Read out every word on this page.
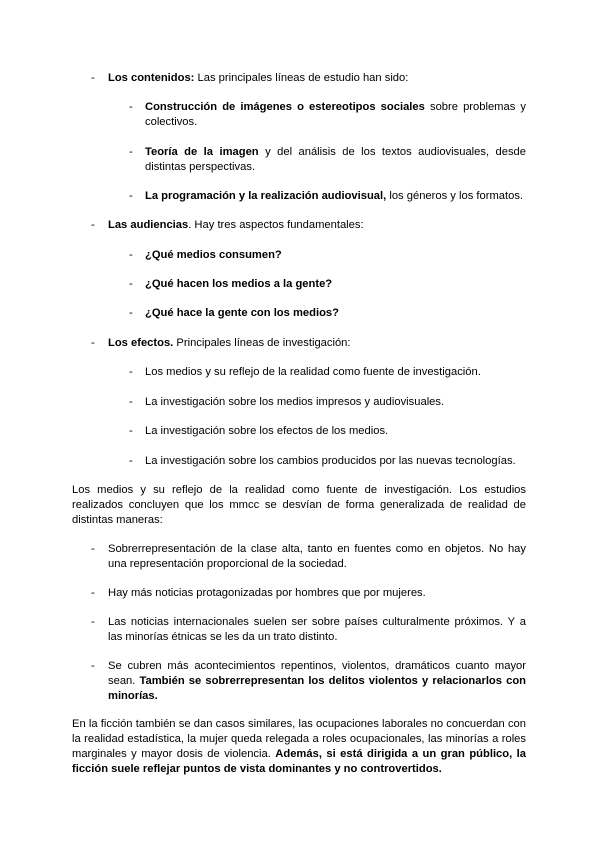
-	Los contenidos: Las principales líneas de estudio han sido:
-	Construcción de imágenes o estereotipos sociales sobre problemas y colectivos.
-	Teoría de la imagen y del análisis de los textos audiovisuales, desde distintas perspectivas.
-	La programación y la realización audiovisual, los géneros y los formatos.
-	Las audiencias. Hay tres aspectos fundamentales:
-	¿Qué medios consumen?
-	¿Qué hacen los medios a la gente?
-	¿Qué hace la gente con los medios?
-	Los efectos. Principales líneas de investigación:
-	Los medios y su reflejo de la realidad como fuente de investigación.
-	La investigación sobre los medios impresos y audiovisuales.
-	La investigación sobre los efectos de los medios.
-	La investigación sobre los cambios producidos por las nuevas tecnologías.
Los medios y su reflejo de la realidad como fuente de investigación. Los estudios realizados concluyen que los mmcc se desvían de forma generalizada de realidad de distintas maneras:
-	Sobrerrepresentación de la clase alta, tanto en fuentes como en objetos. No hay una representación proporcional de la sociedad.
-	Hay más noticias protagonizadas por hombres que por mujeres.
-	Las noticias internacionales suelen ser sobre países culturalmente próximos. Y a las minorías étnicas se les da un trato distinto.
-	Se cubren más acontecimientos repentinos, violentos, dramáticos cuanto mayor sean. También se sobrerrepresentan los delitos violentos y relacionarlos con minorías.
En la ficción también se dan casos similares, las ocupaciones laborales no concuerdan con la realidad estadística, la mujer queda relegada a roles ocupacionales, las minorías a roles marginales y mayor dosis de violencia. Además, si está dirigida a un gran público, la ficción suele reflejar puntos de vista dominantes y no controvertidos.
